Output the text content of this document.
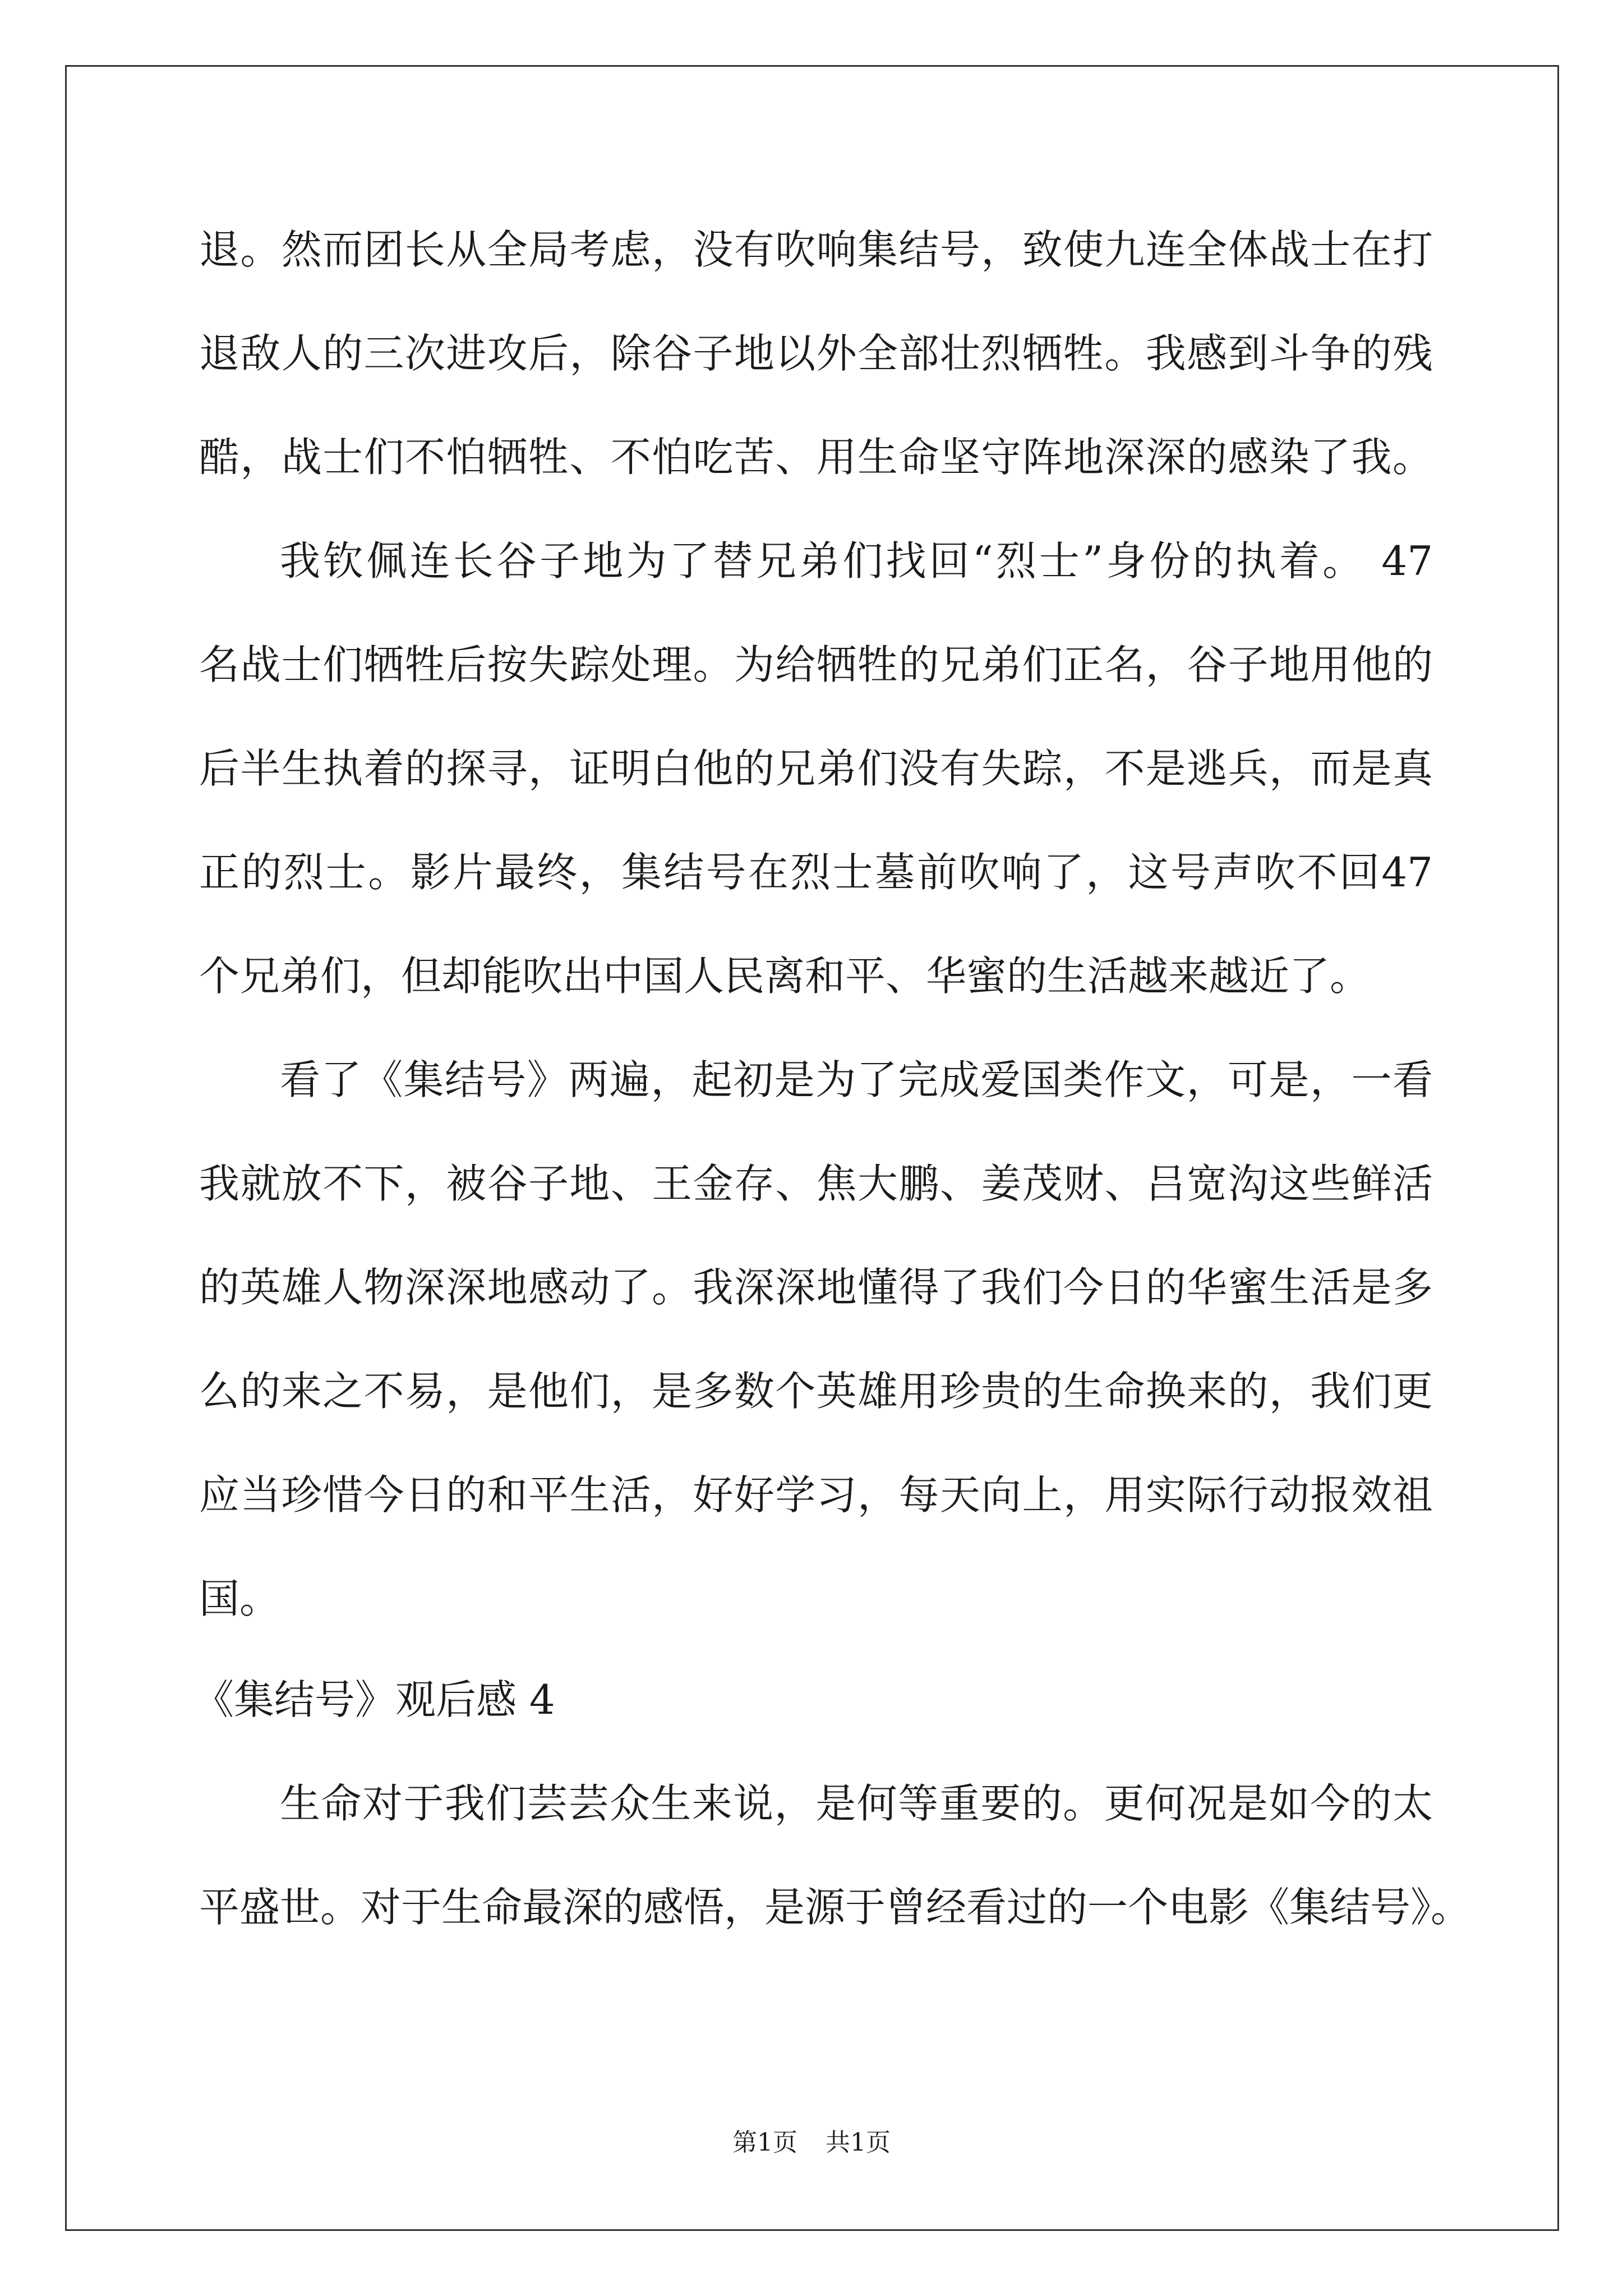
退。然而团长从全局考虑，没有吹响集结号，致使九连全体战士在打
退敌人的三次进攻后，除谷子地以外全部壮烈牺牲。我感到斗争的残
酷，战士们不怕牺牲、不怕吃苦、用生命坚守阵地深深的感染了我。
我钦佩连长谷子地为了替兄弟们找回“烈士”身份的执着。 47
名战士们牺牲后按失踪处理。为给牺牲的兄弟们正名，谷子地用他的
后半生执着的探寻，证明白他的兄弟们没有失踪，不是逃兵，而是真
正的烈士。影片最终，集结号在烈士墓前吹响了，这号声吹不回47
个兄弟们，但却能吹出中国人民离和平、华蜜的生活越来越近了。
看了《集结号》两遍，起初是为了完成爱国类作文，可是，一看
我就放不下，被谷子地、王金存、焦大鹏、姜茂财、吕宽沟这些鲜活
的英雄人物深深地感动了。我深深地懂得了我们今日的华蜜生活是多
么的来之不易，是他们，是多数个英雄用珍贵的生命换来的，我们更
应当珍惜今日的和平生活，好好学习，每天向上，用实际行动报效祖
国。
《集结号》观后感 4
生命对于我们芸芸众生来说，是何等重要的。更何况是如今的太
平盛世。对于生命最深的感悟，是源于曾经看过的一个电影《集结号》。
第1页 共1页
